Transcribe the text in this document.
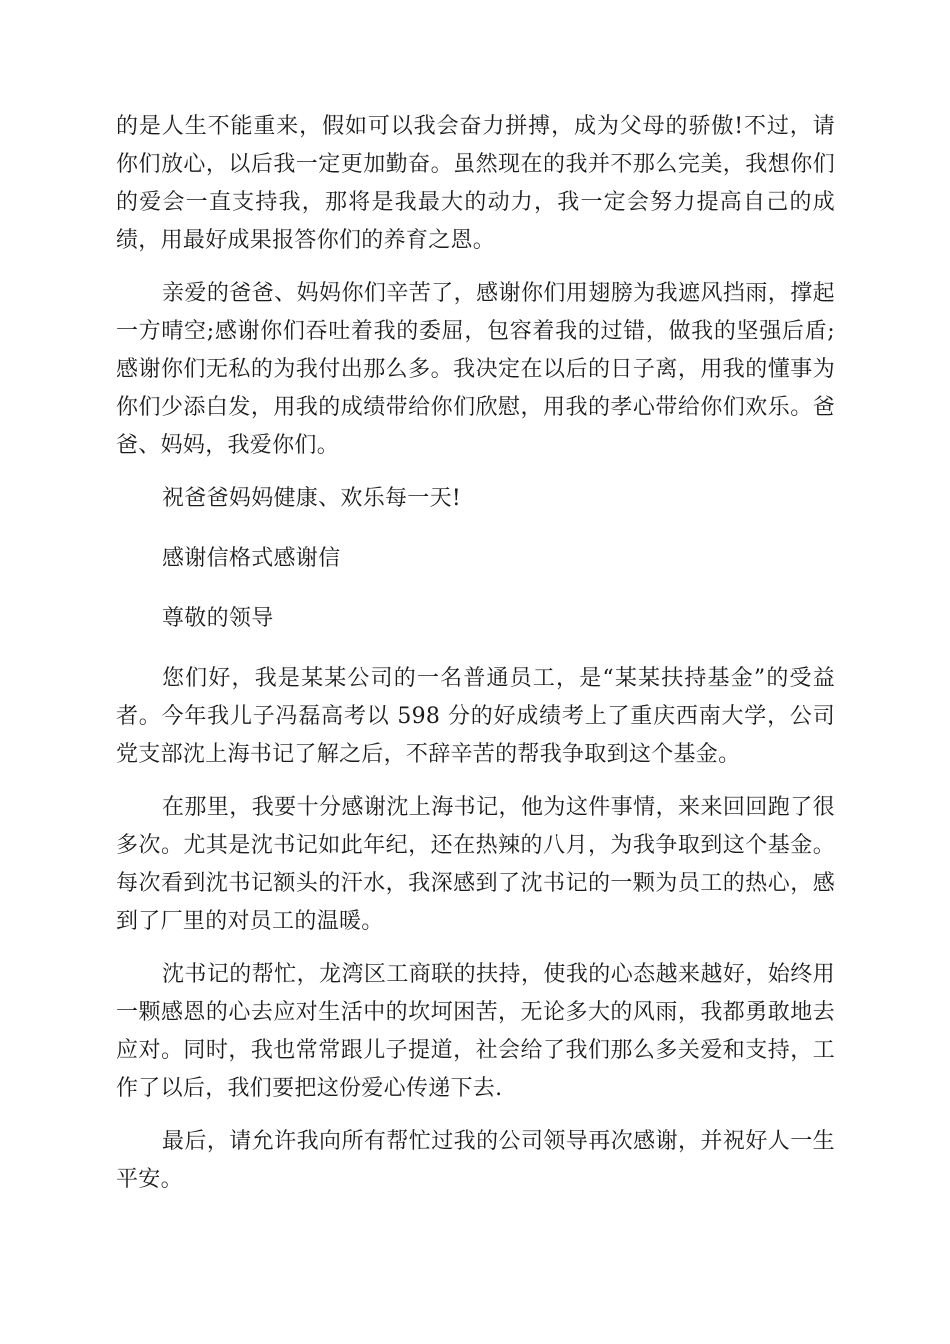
的是人生不能重来，假如可以我会奋力拼搏，成为父母的骄傲!不过，请你们放心，以后我一定更加勤奋。虽然现在的我并不那么完美，我想你们的爱会一直支持我，那将是我最大的动力，我一定会努力提高自己的成绩，用最好成果报答你们的养育之恩。

亲爱的爸爸、妈妈你们辛苦了，感谢你们用翅膀为我遮风挡雨，撑起一方晴空;感谢你们吞吐着我的委屈，包容着我的过错，做我的坚强后盾;感谢你们无私的为我付出那么多。我决定在以后的日子离，用我的懂事为你们少添白发，用我的成绩带给你们欣慰，用我的孝心带给你们欢乐。爸爸、妈妈，我爱你们。

祝爸爸妈妈健康、欢乐每一天!

感谢信格式感谢信

尊敬的领导

您们好，我是某某公司的一名普通员工，是“某某扶持基金”的受益者。今年我儿子冯磊高考以 598 分的好成绩考上了重庆西南大学，公司党支部沈上海书记了解之后，不辞辛苦的帮我争取到这个基金。

在那里，我要十分感谢沈上海书记，他为这件事情，来来回回跑了很多次。尤其是沈书记如此年纪，还在热辣的八月，为我争取到这个基金。每次看到沈书记额头的汗水，我深感到了沈书记的一颗为员工的热心，感到了厂里的对员工的温暖。

沈书记的帮忙，龙湾区工商联的扶持，使我的心态越来越好，始终用一颗感恩的心去应对生活中的坎坷困苦，无论多大的风雨，我都勇敢地去应对。同时，我也常常跟儿子提道，社会给了我们那么多关爱和支持，工作了以后，我们要把这份爱心传递下去.

最后，请允许我向所有帮忙过我的公司领导再次感谢，并祝好人一生平安。
